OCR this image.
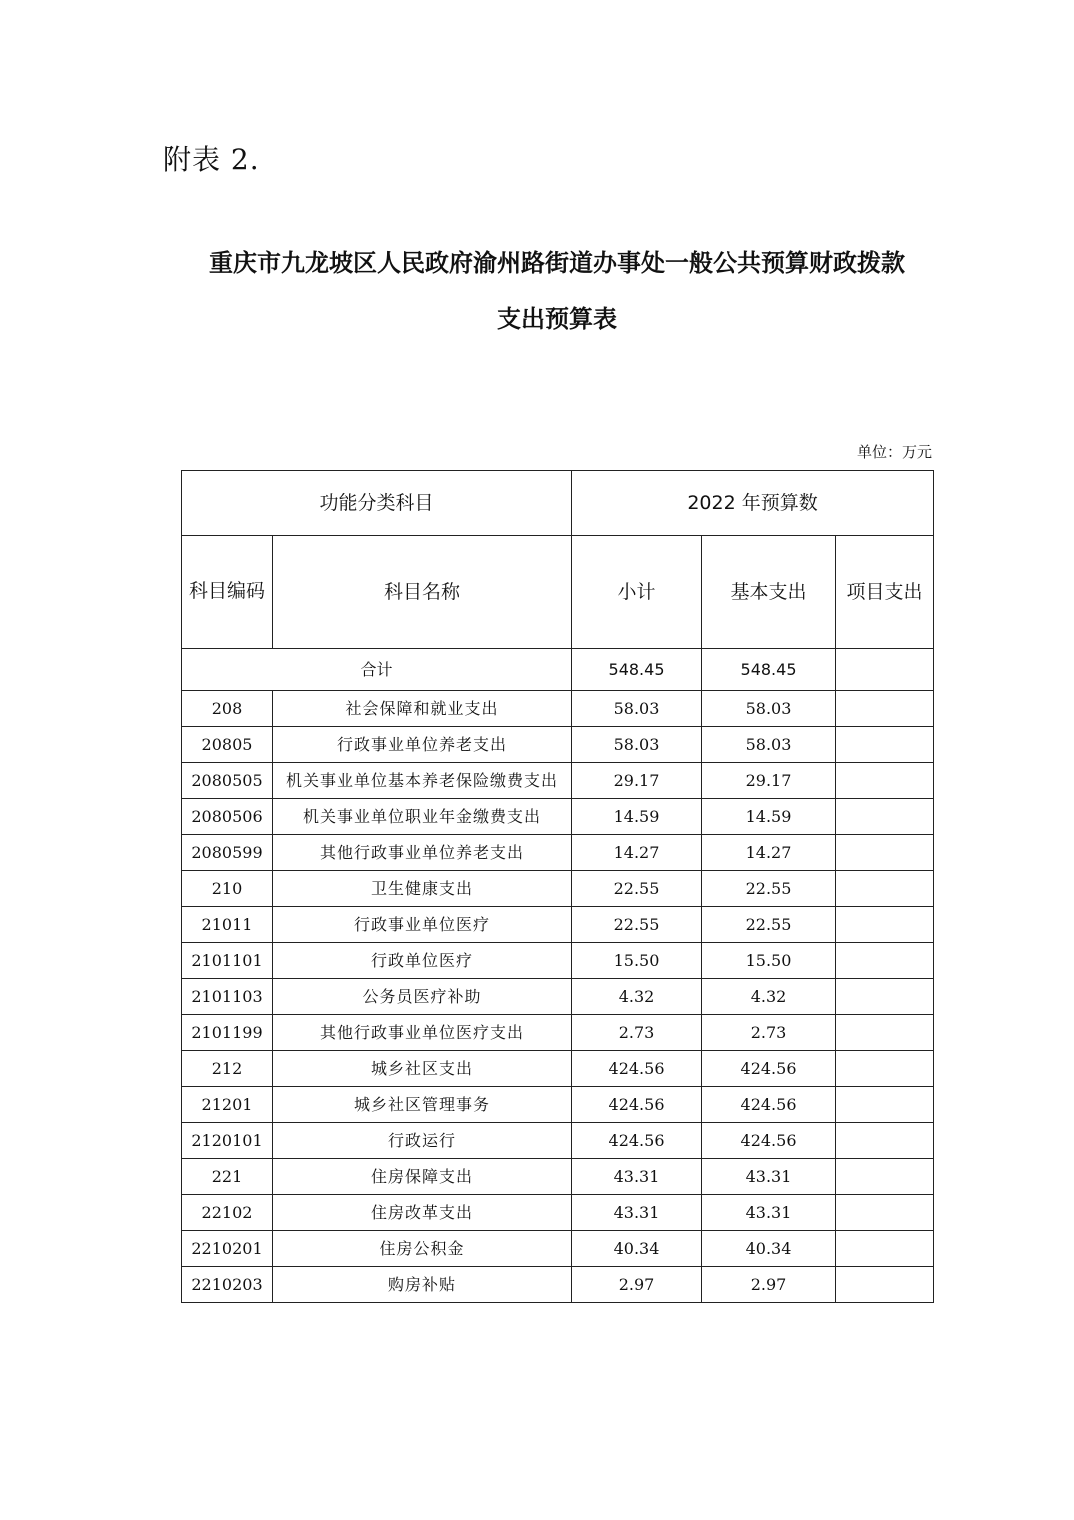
附表 2.
重庆市九龙坡区人民政府渝州路街道办事处一般公共预算财政拨款
支出预算表
单位：万元
功能分类科目		2022 年预算数		
科目编码	科目名称	小计	基本支出	项目支出
合计		548.45	548.45	
208	社会保障和就业支出	58.03	58.03	
20805	行政事业单位养老支出	58.03	58.03	
2080505	机关事业单位基本养老保险缴费支出	29.17	29.17	
2080506	机关事业单位职业年金缴费支出	14.59	14.59	
2080599	其他行政事业单位养老支出	14.27	14.27	
210	卫生健康支出	22.55	22.55	
21011	行政事业单位医疗	22.55	22.55	
2101101	行政单位医疗	15.50	15.50	
2101103	公务员医疗补助	4.32	4.32	
2101199	其他行政事业单位医疗支出	2.73	2.73	
212	城乡社区支出	424.56	424.56	
21201	城乡社区管理事务	424.56	424.56	
2120101	行政运行	424.56	424.56	
221	住房保障支出	43.31	43.31	
22102	住房改革支出	43.31	43.31	
2210201	住房公积金	40.34	40.34	
2210203	购房补贴	2.97	2.97	
